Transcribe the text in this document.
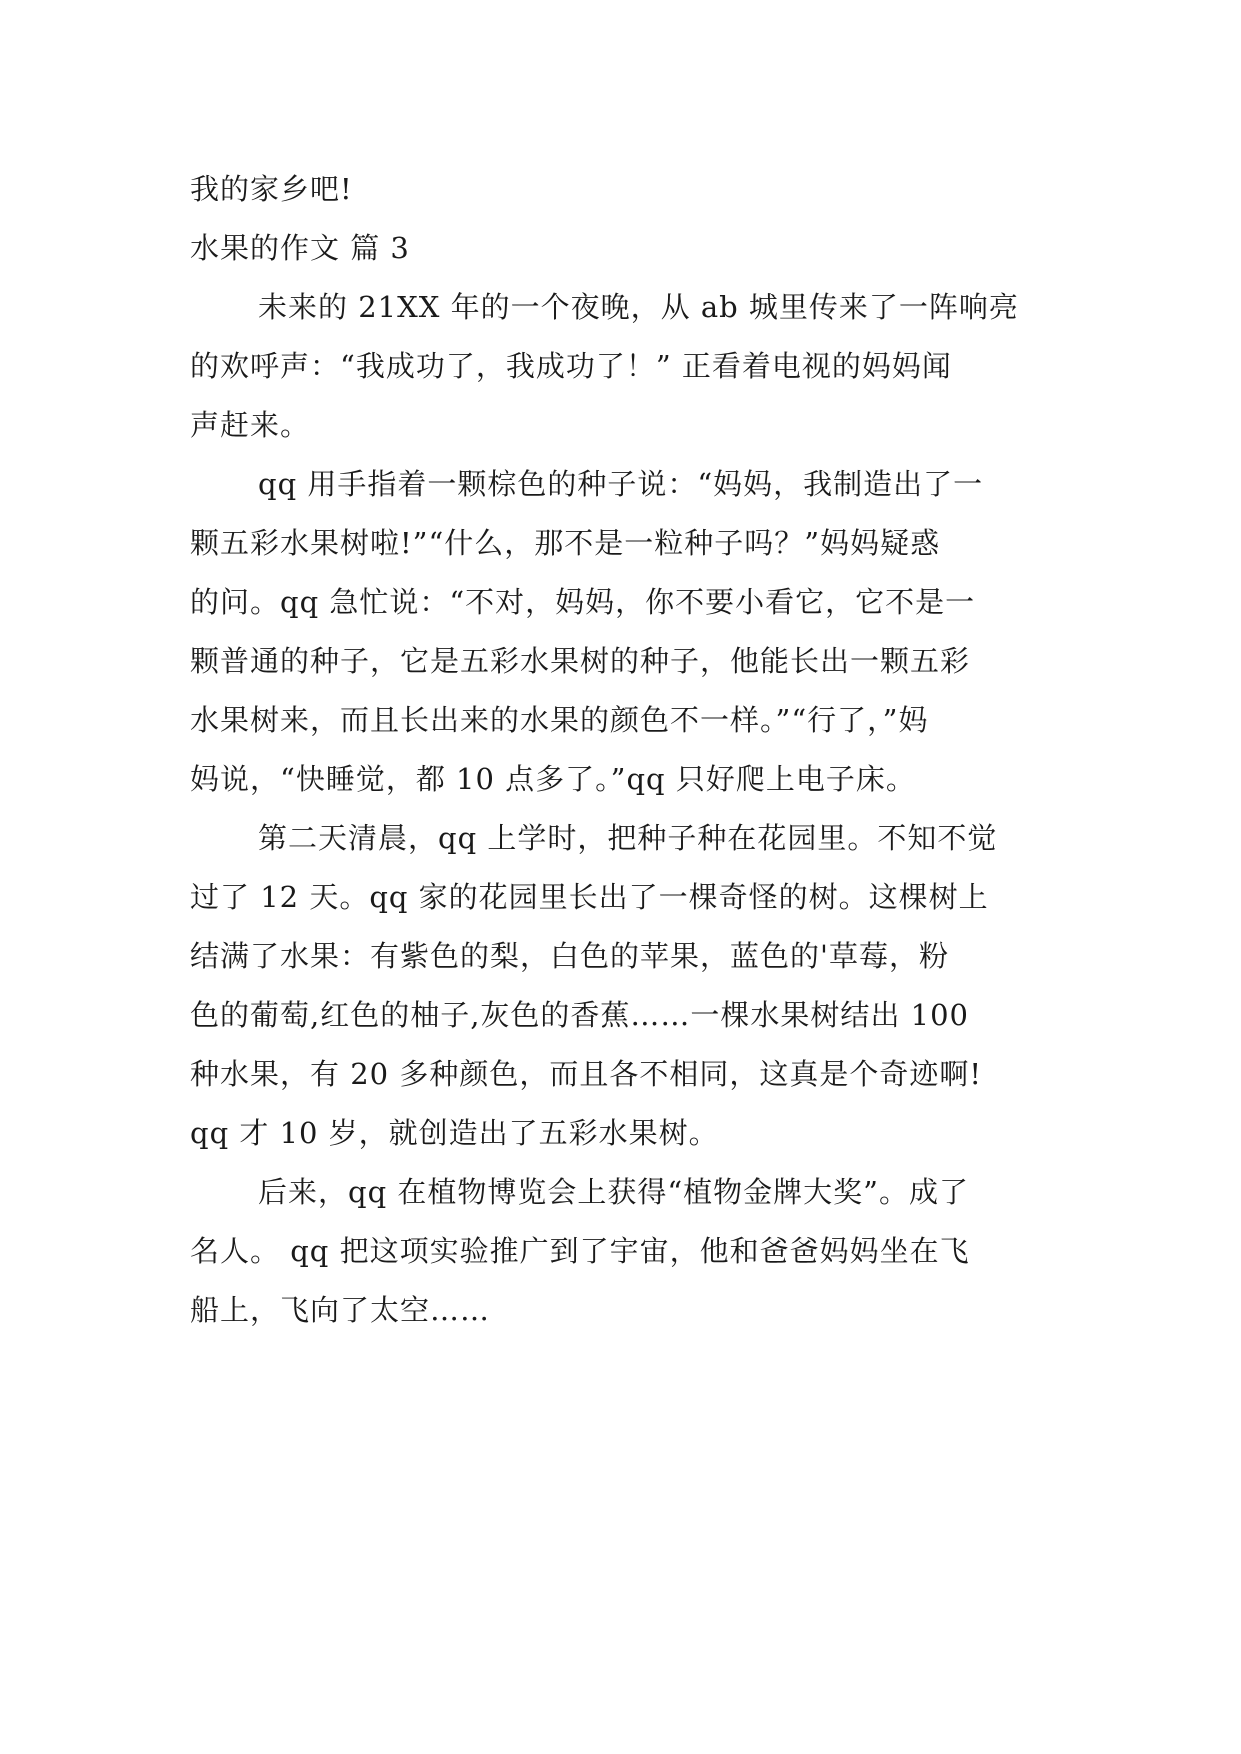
我的家乡吧!
水果的作文 篇 3

未来的 21XX 年的一个夜晚，从 ab 城里传来了一阵响亮
的欢呼声：“我成功了，我成功了！” 正看着电视的妈妈闻
声赶来。

qq 用手指着一颗棕色的种子说：“妈妈，我制造出了一
颗五彩水果树啦!”“什么，那不是一粒种子吗？”妈妈疑惑
的问。qq 急忙说：“不对，妈妈，你不要小看它，它不是一
颗普通的种子，它是五彩水果树的种子，他能长出一颗五彩
水果树来，而且长出来的水果的颜色不一样。”“行了，”妈
妈说，“快睡觉，都 10 点多了。”qq 只好爬上电子床。

第二天清晨，qq 上学时，把种子种在花园里。不知不觉
过了 12 天。qq 家的花园里长出了一棵奇怪的树。这棵树上
结满了水果：有紫色的梨，白色的苹果，蓝色的'草莓，粉
色的葡萄,红色的柚子,灰色的香蕉……一棵水果树结出 100
种水果，有 20 多种颜色，而且各不相同，这真是个奇迹啊!
qq 才 10 岁，就创造出了五彩水果树。

后来，qq 在植物博览会上获得“植物金牌大奖”。成了
名人。 qq 把这项实验推广到了宇宙，他和爸爸妈妈坐在飞
船上，飞向了太空……
